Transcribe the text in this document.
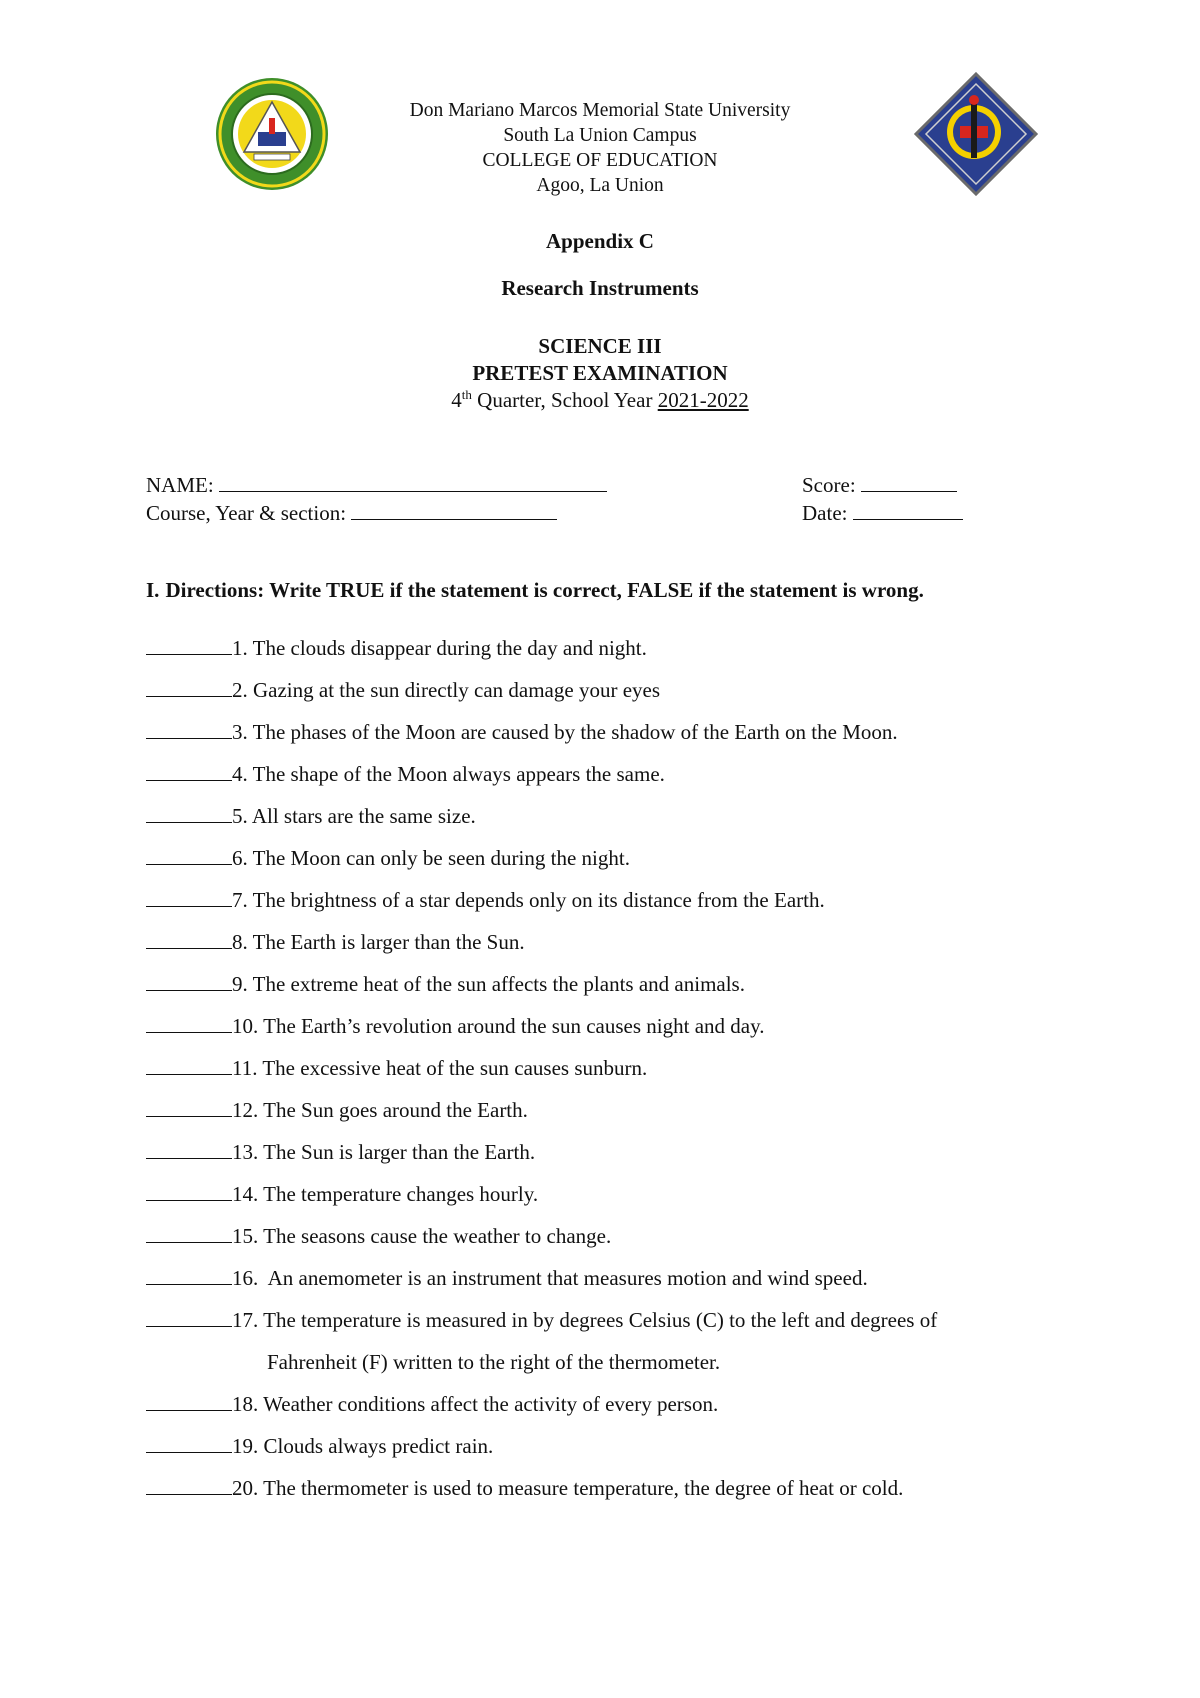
Don Mariano Marcos Memorial State University
South La Union Campus
COLLEGE OF EDUCATION
Agoo, La Union
Appendix C
Research Instruments
SCIENCE III
PRETEST EXAMINATION
4th Quarter, School Year 2021-2022
NAME:
Course, Year & section:
Score:
Date:
I. Directions: Write TRUE if the statement is correct, FALSE if the statement is wrong.
1. The clouds disappear during the day and night.
2. Gazing at the sun directly can damage your eyes
3. The phases of the Moon are caused by the shadow of the Earth on the Moon.
4. The shape of the Moon always appears the same.
5. All stars are the same size.
6. The Moon can only be seen during the night.
7. The brightness of a star depends only on its distance from the Earth.
8. The Earth is larger than the Sun.
9. The extreme heat of the sun affects the plants and animals.
10. The Earth’s revolution around the sun causes night and day.
11. The excessive heat of the sun causes sunburn.
12. The Sun goes around the Earth.
13. The Sun is larger than the Earth.
14. The temperature changes hourly.
15. The seasons cause the weather to change.
16.  An anemometer is an instrument that measures motion and wind speed.
17. The temperature is measured in by degrees Celsius (C) to the left and degrees of
Fahrenheit (F) written to the right of the thermometer.
18. Weather conditions affect the activity of every person.
19. Clouds always predict rain.
20. The thermometer is used to measure temperature, the degree of heat or cold.
